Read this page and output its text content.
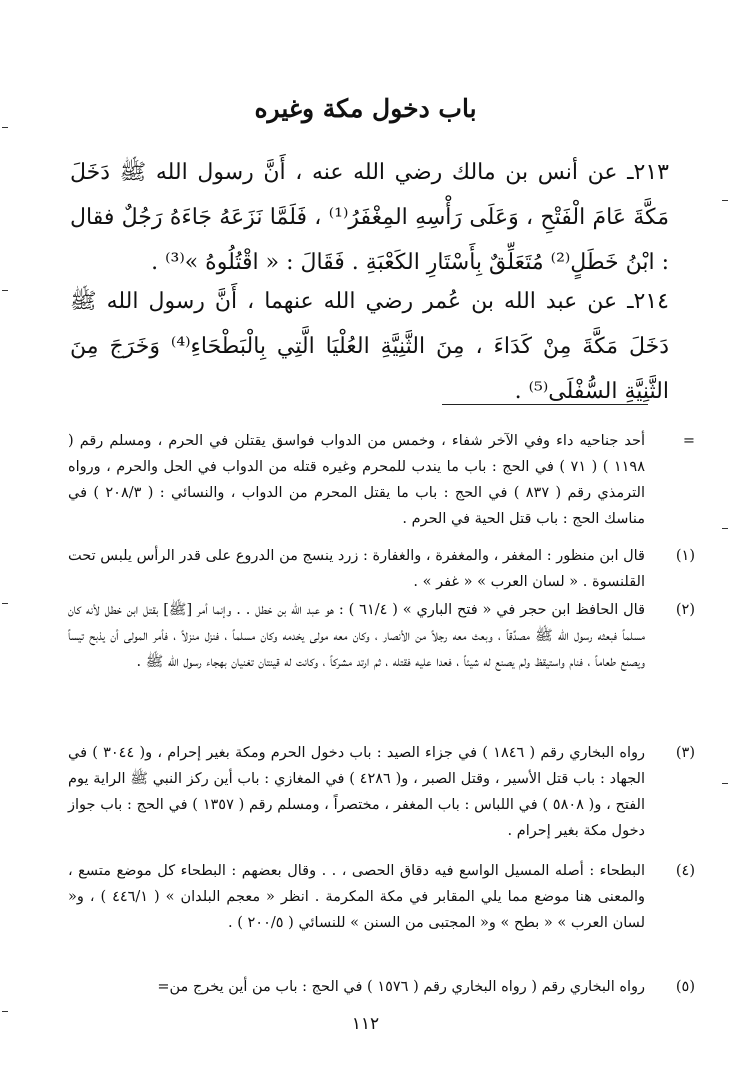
باب دخول مكة وغيره
٢١٣ـ عن أنس بن مالك رضي الله عنه ، أَنَّ رسول الله ﷺ دَخَلَ مَكَّةَ عَامَ الْفَتْحِ ، وَعَلَى رَأْسِهِ المِغْفَرُ⁽¹⁾ ، فَلَمَّا نَزَعَهُ جَاءَهُ رَجُلٌ فقال : ابْنُ خَطَلٍ⁽²⁾ مُتَعَلِّقٌ بِأَسْتَارِ الكَعْبَةِ . فَقَالَ : « اقْتُلُوهُ »⁽³⁾ .
٢١٤ـ عن عبد الله بن عُمر رضي الله عنهما ، أَنَّ رسول الله ﷺ دَخَلَ مَكَّةَ مِنْ كَدَاءَ ، مِنَ الثَّنِيَّةِ العُلْيَا الَّتِي بِالْبَطْحَاءِ⁽⁴⁾ وَخَرَجَ مِنَ الثَّنِيَّةِ السُّفْلَى⁽⁵⁾ .
=
أحد جناحيه داء وفي الآخر شفاء ، وخمس من الدواب فواسق يقتلن في الحرم ، ومسلم رقم ( ١١٩٨ ) ( ٧١ ) في الحج : باب ما يندب للمحرم وغيره قتله من الدواب في الحل والحرم ، ورواه الترمذي رقم ( ٨٣٧ ) في الحج : باب ما يقتل المحرم من الدواب ، والنسائي : ( ٢٠٨/٣ ) في مناسك الحج : باب قتل الحية في الحرم .
(١)
قال ابن منظور : المغفر ، والمغفرة ، والغفارة : زرد ينسج من الدروع على قدر الرأس يلبس تحت القلنسوة . « لسان العرب » « غفر » .
(٢)
قال الحافظ ابن حجر في « فتح الباري » ( ٦١/٤ ) : هو عبد الله بن خطل . . وإنما أمر [ﷺ] بقتل ابن خطل لأنه كان مسلماً فبعثه رسول الله ﷺ مصدِّقاً ، وبعث معه رجلاً من الأنصار ، وكان معه مولى يخدمه وكان مسلماً ، فنزل منزلاً ، فأمر المولى أن يذبح تيساً ويصنع طعاماً ، فنام واستيقظ ولم يصنع له شيئاً ، فعدا عليه فقتله ، ثم ارتد مشركاً ، وكانت له قينتان تغنيان بهجاء رسول الله ﷺ .
(٣)
رواه البخاري رقم ( ١٨٤٦ ) في جزاء الصيد : باب دخول الحرم ومكة بغير إحرام ، و( ٣٠٤٤ ) في الجهاد : باب قتل الأسير ، وقتل الصبر ، و( ٤٢٨٦ ) في المغازي : باب أين ركز النبي ﷺ الراية يوم الفتح ، و( ٥٨٠٨ ) في اللباس : باب المغفر ، مختصراً ، ومسلم رقم ( ١٣٥٧ ) في الحج : باب جواز دخول مكة بغير إحرام .
(٤)
البطحاء : أصله المسيل الواسع فيه دقاق الحصى ، . . وقال بعضهم : البطحاء كل موضع متسع ، والمعنى هنا موضع مما يلي المقابر في مكة المكرمة . انظر « معجم البلدان » ( ٤٤٦/١ ) ، و« لسان العرب » « بطح » و« المجتبى من السنن » للنسائي ( ٢٠٠/٥ ) .
(٥)
رواه البخاري رقم ( رواه البخاري رقم ( ١٥٧٦ ) في الحج : باب من أين يخرج من=
١١٢
